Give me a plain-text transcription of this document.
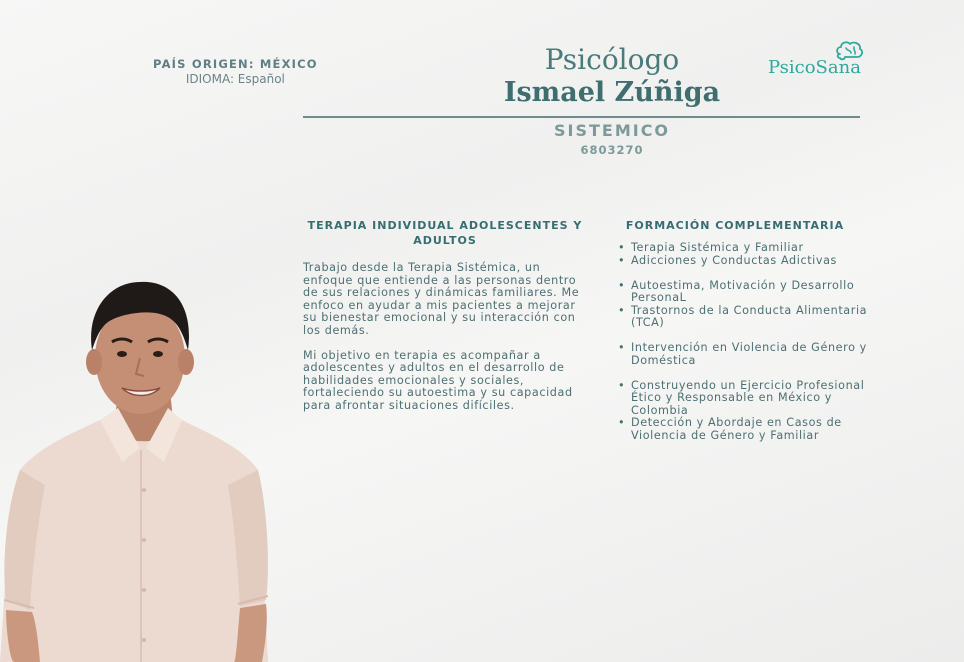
PAÍS ORIGEN: MÉXICO
IDIOMA: Español
Psicólogo
Ismael Zúñiga
SISTEMICO
6803270
PsicoSana
TERAPIA INDIVIDUAL ADOLESCENTES Y ADULTOS

Trabajo desde la Terapia Sistémica, un enfoque que entiende a las personas dentro de sus relaciones y dinámicas familiares. Me enfoco en ayudar a mis pacientes a mejorar su bienestar emocional y su interacción con los demás.

Mi objetivo en terapia es acompañar a adolescentes y adultos en el desarrollo de habilidades emocionales y sociales, fortaleciendo su autoestima y su capacidad para afrontar situaciones difíciles.

FORMACIÓN COMPLEMENTARIA
• Terapia Sistémica y Familiar
• Adicciones y Conductas Adictivas
• Autoestima, Motivación y Desarrollo PersonaL
• Trastornos de la Conducta Alimentaria (TCA)
• Intervención en Violencia de Género y Doméstica
• Construyendo un Ejercicio Profesional Ético y Responsable en México y Colombia
• Detección y Abordaje en Casos de Violencia de Género y Familiar
